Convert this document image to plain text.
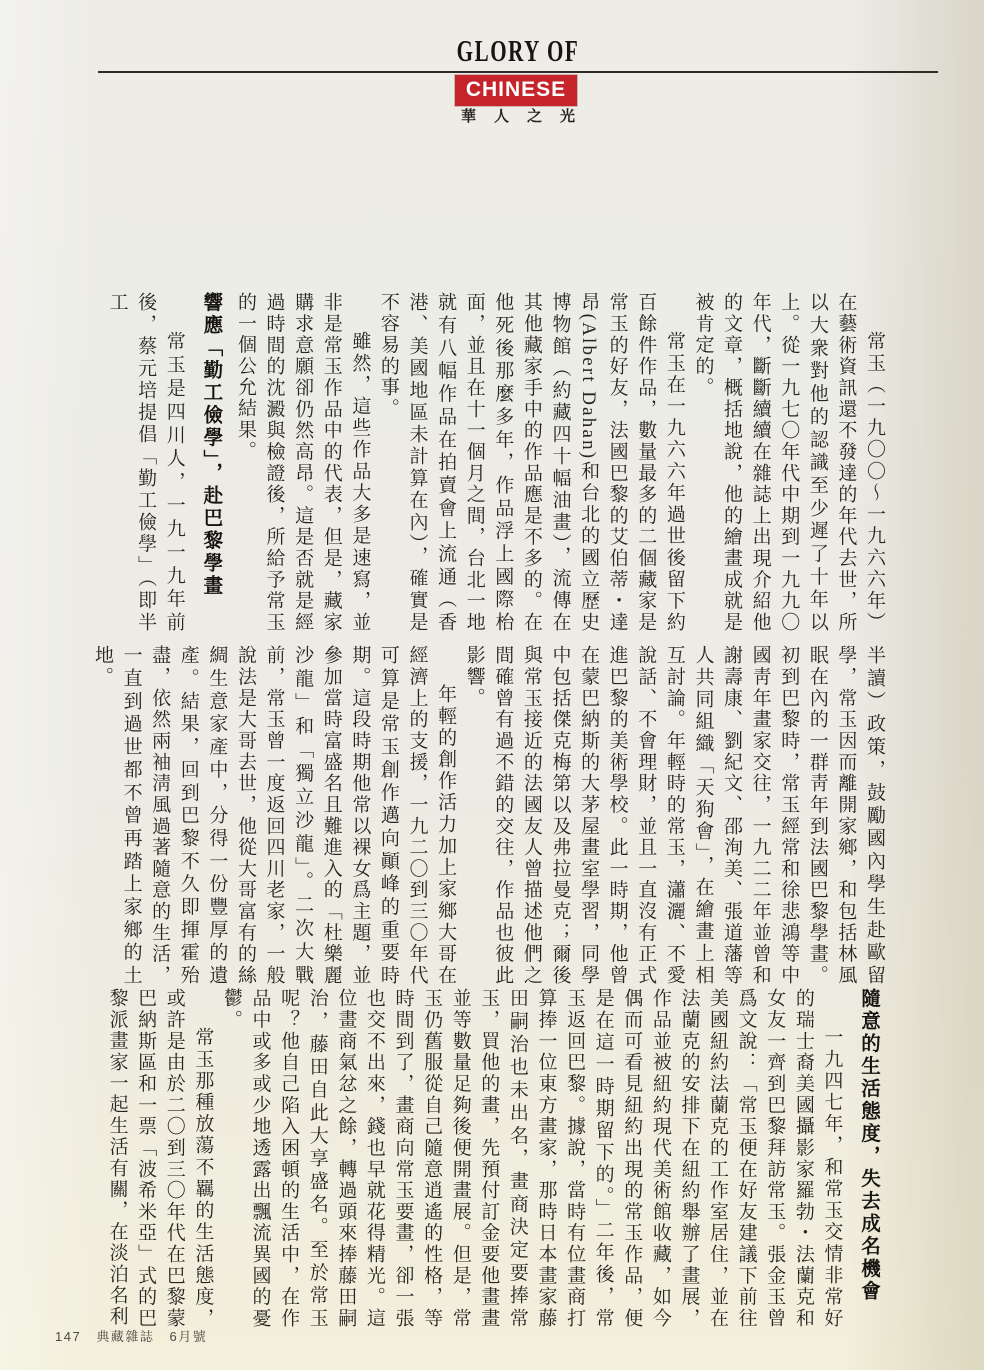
GLORY OF
CHINESE
華人之光

常玉（一九〇〇～一九六六年）在藝術資訊還不發達的年代去世，所以大衆對他的認識至少遲了十年以上。從一九七〇年代中期到一九九〇年代，斷斷續續在雜誌上出現介紹他的文章，概括地說，他的繪畫成就是被肯定的。

常玉在一九六六年過世後留下約百餘件作品，數量最多的二個藏家是常玉的好友，法國巴黎的艾伯蒂・達昂(Albert Dahan)和台北的國立歷史博物館（約藏四十幅油畫），流傳在其他藏家手中的作品應是不多的。在他死後那麼多年，作品浮上國際枱面，並且在十一個月之間，台北一地就有八幅作品在拍賣會上流通（香港、美國地區未計算在內），確實是不容易的事。

雖然，這些作品大多是速寫，並非是常玉作品中的代表，但是，藏家購求意願卻仍然高昂。這是否就是經過時間的沈澱與檢證後，所給予常玉的一個公允結果。

響應「勤工儉學」，赴巴黎學畫

常玉是四川人，一九一九年前後，蔡元培提倡「勤工儉學」（即半工

半讀）政策，鼓勵國內學生赴歐留學，常玉因而離開家鄉，和包括林風眠在內的一群靑年到法國巴黎學畫。初到巴黎時，常玉經常和徐悲鴻等中國靑年畫家交往，一九二二年並曾和謝壽康、劉紀文、邵洵美、張道藩等人共同組織「天狗會」，在繪畫上相互討論。年輕時的常玉，瀟灑、不愛說話、不會理財，並且一直沒有正式進巴黎的美術學校。此一時期，他曾在蒙巴納斯的大茅屋畫室學習，同學中包括傑克梅第以及弗拉曼克；爾後與常玉接近的法國友人曾描述他們之間確曾有過不錯的交往，作品也彼此影響。

年輕的創作活力加上家鄉大哥在經濟上的支援，一九二〇到三〇年代可算是常玉創作邁向顚峰的重要時期。這段時期他常以裸女爲主題，並參加當時富盛名且難進入的「杜樂麗沙龍」和「獨立沙龍」。二次大戰前，常玉曾一度返回四川老家，一般說法是大哥去世，他從大哥富有的絲綢生意家產中，分得一份豐厚的遺產。結果，回到巴黎不久即揮霍殆盡，依然兩袖淸風過著隨意的生活，一直到過世都不曾再踏上家鄉的土地。

隨意的生活態度，失去成名機會

一九四七年，和常玉交情非常好的瑞士裔美國攝影家羅勃・法蘭克和女友一齊到巴黎拜訪常玉。張金玉曾爲文說：「常玉便在好友建議下前往美國紐約法蘭克的工作室居住，並在法蘭克的安排下在紐約舉辦了畫展，作品並被紐約現代美術館收藏，如今偶而可看見紐約出現的常玉作品，便是在這一時期留下的。」二年後，常玉返回巴黎。據說，當時有位畫商打算捧一位東方畫家，那時日本畫家藤田嗣治也未出名，畫商決定要捧常玉，買他的畫，先預付訂金要他畫畫並等數量足夠後便開畫展。但是，常玉仍舊服從自己隨意逍遙的性格，等時間到了，畫商向常玉要畫，卻一張也交不出來，錢也早就花得精光。這位畫商氣忿之餘，轉過頭來捧藤田嗣治，藤田自此大享盛名。至於常玉呢？他自己陷入困頓的生活中，在作品中或多或少地透露出飄流異國的憂鬱。

常玉那種放蕩不羈的生活態度，或許是由於二〇到三〇年代在巴黎蒙巴納斯區和一票「波希米亞」式的巴黎派畫家一起生活有關，在淡泊名利

147 典藏雜誌 6月號
